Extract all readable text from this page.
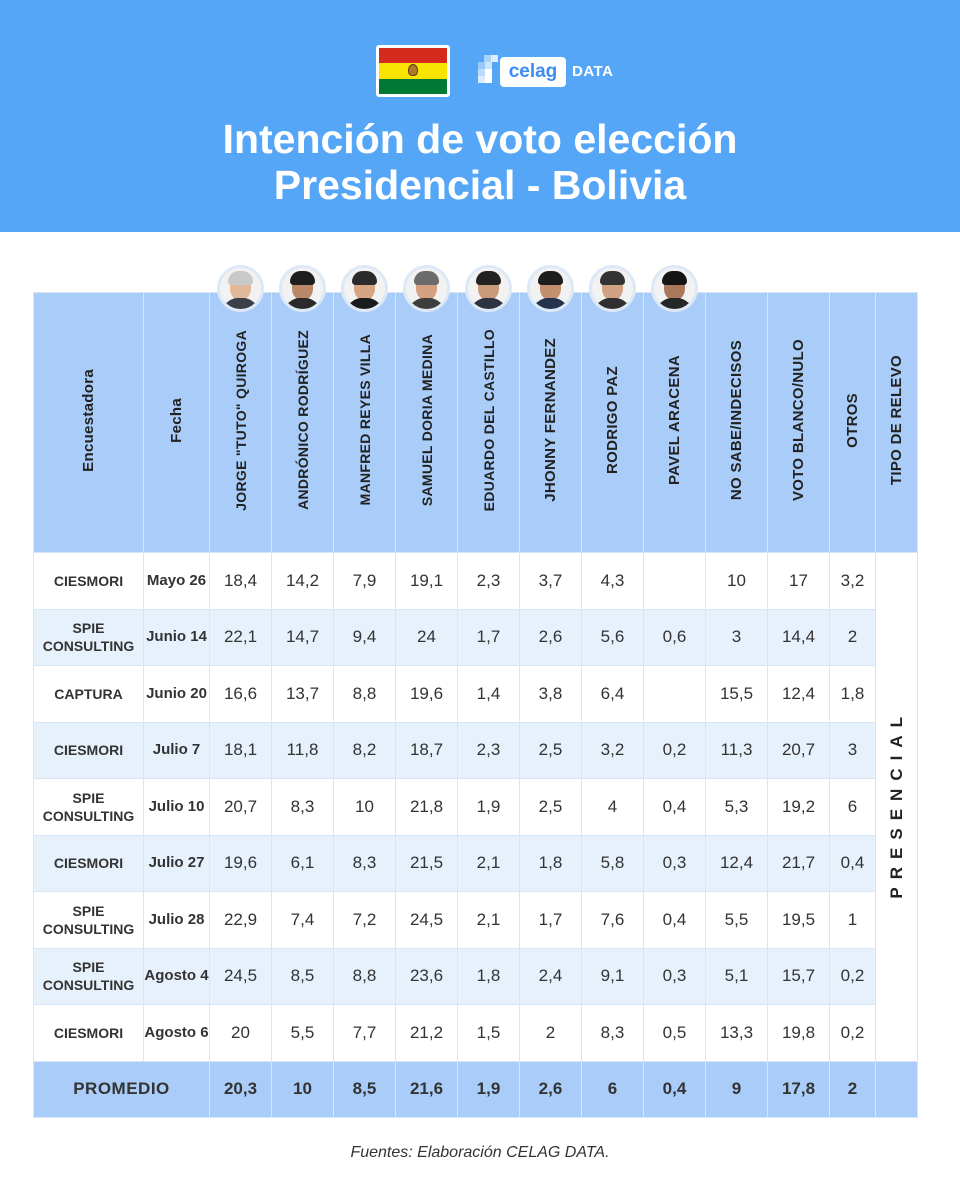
celag DATA
Intención de voto elección
Presidencial - Bolivia
Encuestadora	Fecha	JORGE "TUTO" QUIROGA	ANDRÓNICO RODRÍGUEZ	MANFRED REYES VILLA	SAMUEL DORIA MEDINA	EDUARDO DEL CASTILLO	JHONNY FERNANDEZ	RODRIGO PAZ	PAVEL ARACENA	NO SABE/INDECISOS	VOTO BLANCO/NULO	OTROS	TIPO DE RELEVO
CIESMORI	Mayo 26	18,4	14,2	7,9	19,1	2,3	3,7	4,3		10	17	3,2	PRESENCIAL
SPIE CONSULTING	Junio 14	22,1	14,7	9,4	24	1,7	2,6	5,6	0,6	3	14,4	2	
CAPTURA	Junio 20	16,6	13,7	8,8	19,6	1,4	3,8	6,4		15,5	12,4	1,8	
CIESMORI	Julio 7	18,1	11,8	8,2	18,7	2,3	2,5	3,2	0,2	11,3	20,7	3	
SPIE CONSULTING	Julio 10	20,7	8,3	10	21,8	1,9	2,5	4	0,4	5,3	19,2	6	
CIESMORI	Julio 27	19,6	6,1	8,3	21,5	2,1	1,8	5,8	0,3	12,4	21,7	0,4	
SPIE CONSULTING	Julio 28	22,9	7,4	7,2	24,5	2,1	1,7	7,6	0,4	5,5	19,5	1	
SPIE CONSULTING	Agosto 4	24,5	8,5	8,8	23,6	1,8	2,4	9,1	0,3	5,1	15,7	0,2	
CIESMORI	Agosto 6	20	5,5	7,7	21,2	1,5	2	8,3	0,5	13,3	19,8	0,2	
PROMEDIO		20,3	10	8,5	21,6	1,9	2,6	6	0,4	9	17,8	2	
Fuentes: Elaboración CELAG DATA.
